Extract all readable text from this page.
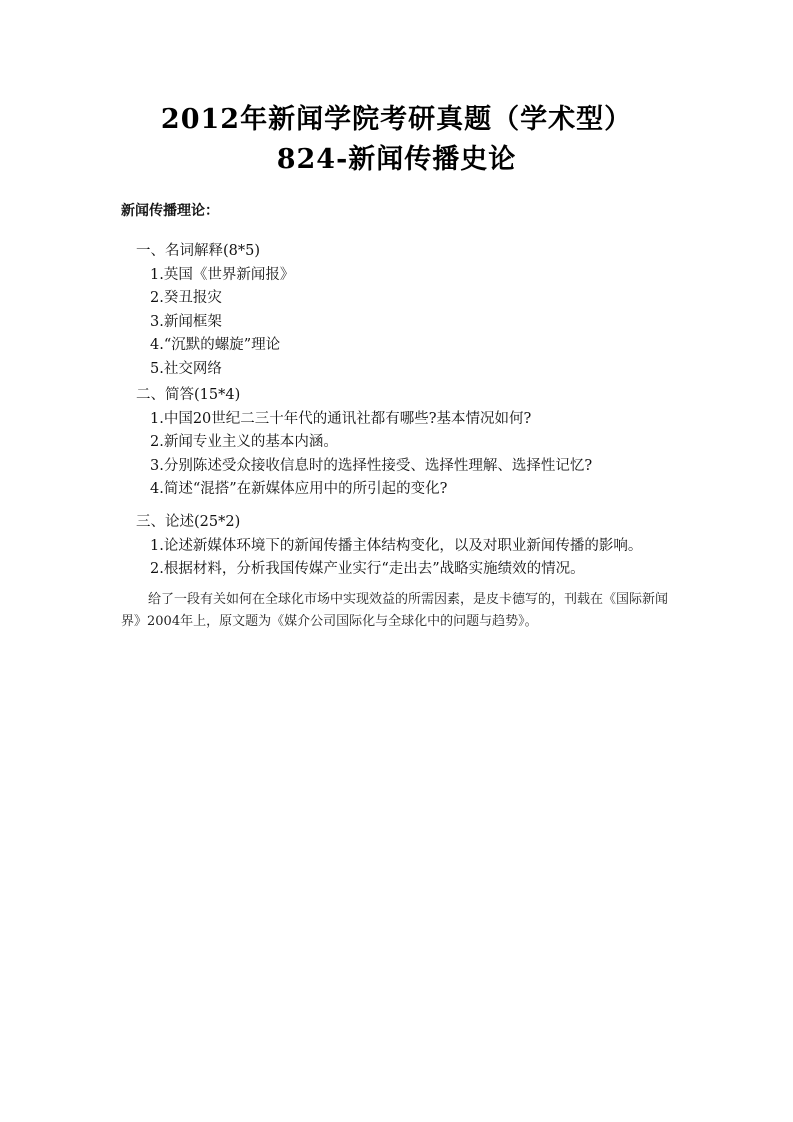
2012年新闻学院考研真题（学术型）
824-新闻传播史论
新闻传播理论：
一、名词解释(8*5)
1.英国《世界新闻报》
2.癸丑报灾
3.新闻框架
4.“沉默的螺旋”理论
5.社交网络
二、简答(15*4)
1.中国20世纪二三十年代的通讯社都有哪些?基本情况如何?
2.新闻专业主义的基本内涵。
3.分别陈述受众接收信息时的选择性接受、选择性理解、选择性记忆?
4.简述“混搭”在新媒体应用中的所引起的变化?
三、论述(25*2)
1.论述新媒体环境下的新闻传播主体结构变化，以及对职业新闻传播的影响。
2.根据材料，分析我国传媒产业实行“走出去”战略实施绩效的情况。

给了一段有关如何在全球化市场中实现效益的所需因素，是皮卡德写的，刊载在《国际新闻界》2004年上，原文题为《媒介公司国际化与全球化中的问题与趋势》。
